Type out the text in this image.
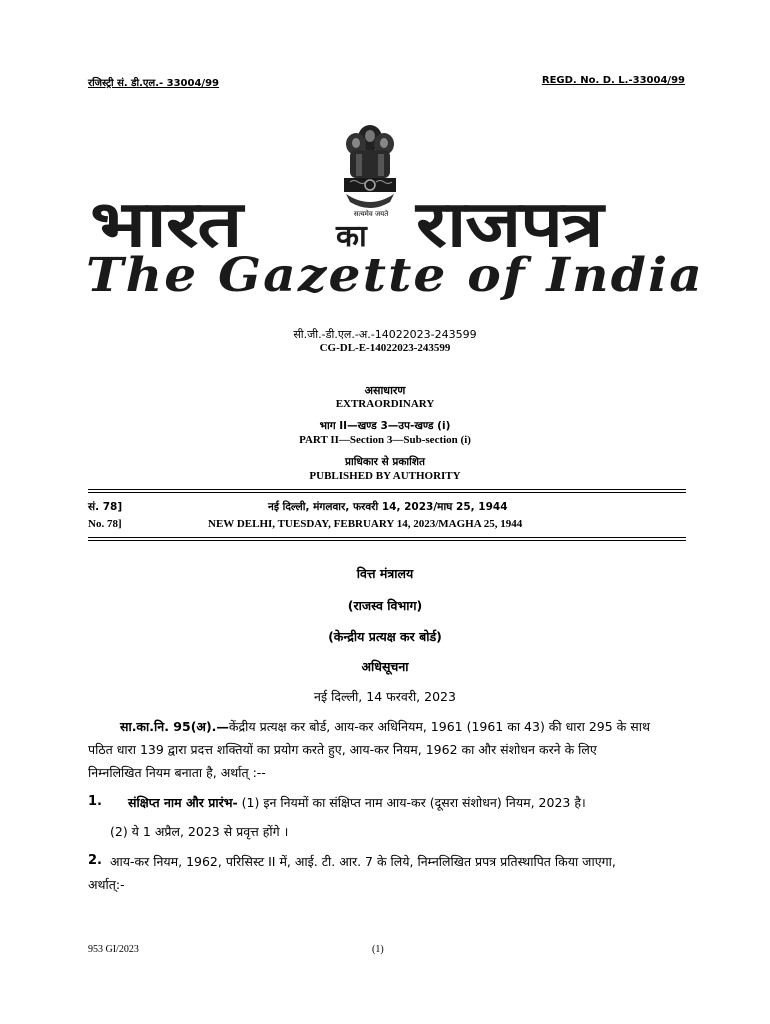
रजिस्ट्री सं. डी.एल.- 33004/99	REGD. No. D. L.-33004/99
सत्यमेव जयते
भारत	का राजपत्र
The Gazette of India
सी.जी.-डी.एल.-अ.-14022023-243599
CG-DL-E-14022023-243599
असाधारण
EXTRAORDINARY
भाग II—खण्ड 3—उप-खण्ड (i)
PART II—Section 3—Sub-section (i)
प्राधिकार से प्रकाशित
PUBLISHED BY AUTHORITY
सं. 78]	नई दिल्ली, मंगलवार, फरवरी 14, 2023/माघ 25, 1944
No. 78]	NEW DELHI, TUESDAY, FEBRUARY 14, 2023/MAGHA 25, 1944
वित्त मंत्रालय
(राजस्व विभाग)
(केन्द्रीय प्रत्यक्ष कर बोर्ड)
अधिसूचना
नई दिल्ली, 14 फरवरी, 2023
सा.का.नि. 95(अ).—केंद्रीय प्रत्यक्ष कर बोर्ड, आय-कर अधिनियम, 1961 (1961 का 43) की धारा 295 के साथ
पठित धारा 139 द्वारा प्रदत्त शक्तियों का प्रयोग करते हुए, आय-कर नियम, 1962 का और संशोधन करने के लिए
निम्नलिखित नियम बनाता है, अर्थात् :--
1. संक्षिप्त नाम और प्रारंभ- (1) इन नियमों का संक्षिप्त नाम आय-कर (दूसरा संशोधन) नियम, 2023 है।
(2) ये 1 अप्रैल, 2023 से प्रवृत्त होंगे ।
2. आय-कर नियम, 1962, परिसिस्ट II में, आई. टी. आर. 7 के लिये, निम्नलिखित प्रपत्र प्रतिस्थापित किया जाएगा,
अर्थात्:-
953 GI/2023	(1)
